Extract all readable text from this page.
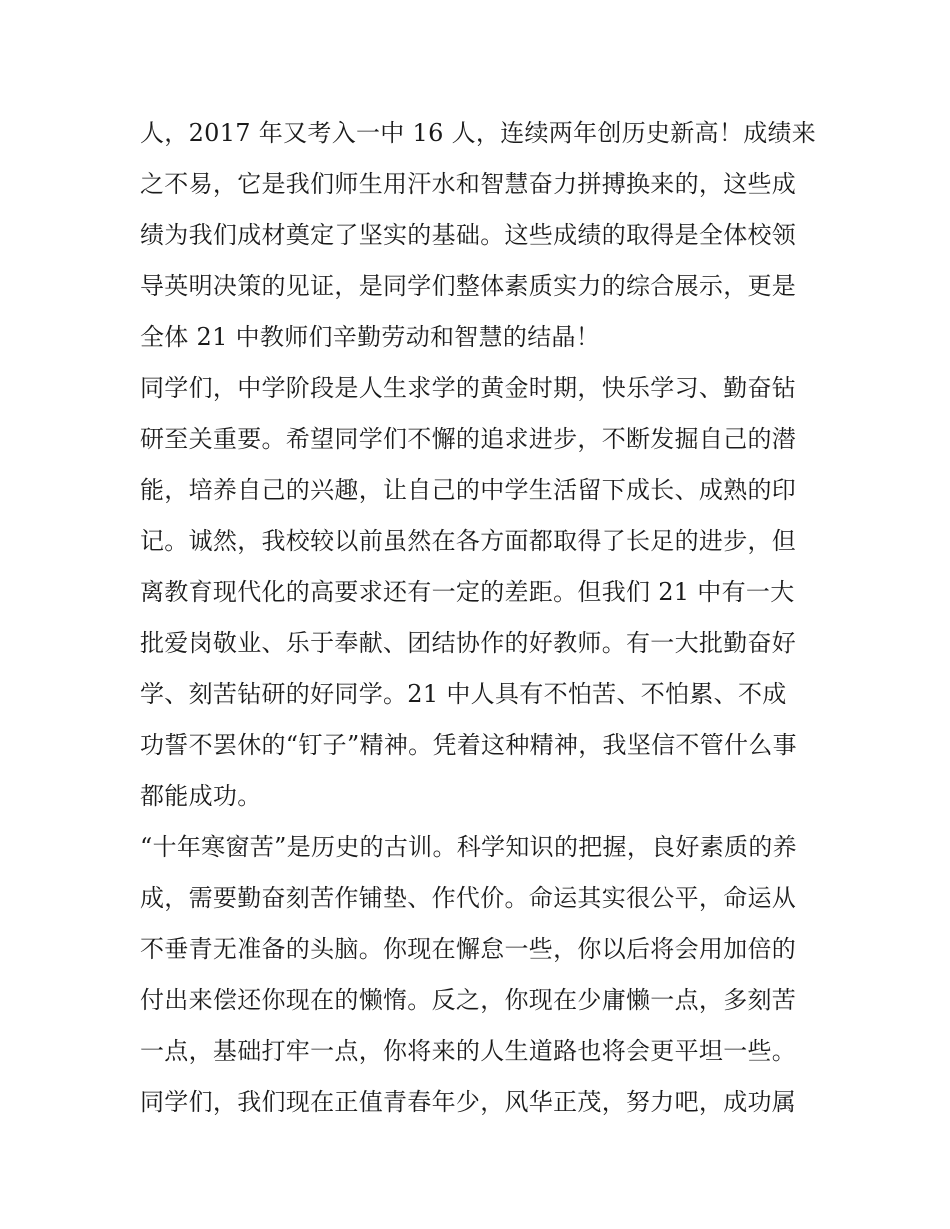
人，2017 年又考入一中 16 人，连续两年创历史新高！成绩来
之不易，它是我们师生用汗水和智慧奋力拼搏换来的，这些成
绩为我们成材奠定了坚实的基础。这些成绩的取得是全体校领
导英明决策的见证，是同学们整体素质实力的综合展示，更是
全体 21 中教师们辛勤劳动和智慧的结晶！
同学们，中学阶段是人生求学的黄金时期，快乐学习、勤奋钻
研至关重要。希望同学们不懈的追求进步，不断发掘自己的潜
能，培养自己的兴趣，让自己的中学生活留下成长、成熟的印
记。诚然，我校较以前虽然在各方面都取得了长足的进步，但
离教育现代化的高要求还有一定的差距。但我们 21 中有一大
批爱岗敬业、乐于奉献、团结协作的好教师。有一大批勤奋好
学、刻苦钻研的好同学。21 中人具有不怕苦、不怕累、不成
功誓不罢休的“钉子”精神。凭着这种精神，我坚信不管什么事
都能成功。
“十年寒窗苦”是历史的古训。科学知识的把握，良好素质的养
成，需要勤奋刻苦作铺垫、作代价。命运其实很公平，命运从
不垂青无准备的头脑。你现在懈怠一些，你以后将会用加倍的
付出来偿还你现在的懒惰。反之，你现在少庸懒一点，多刻苦
一点，基础打牢一点，你将来的人生道路也将会更平坦一些。
同学们，我们现在正值青春年少，风华正茂，努力吧，成功属
